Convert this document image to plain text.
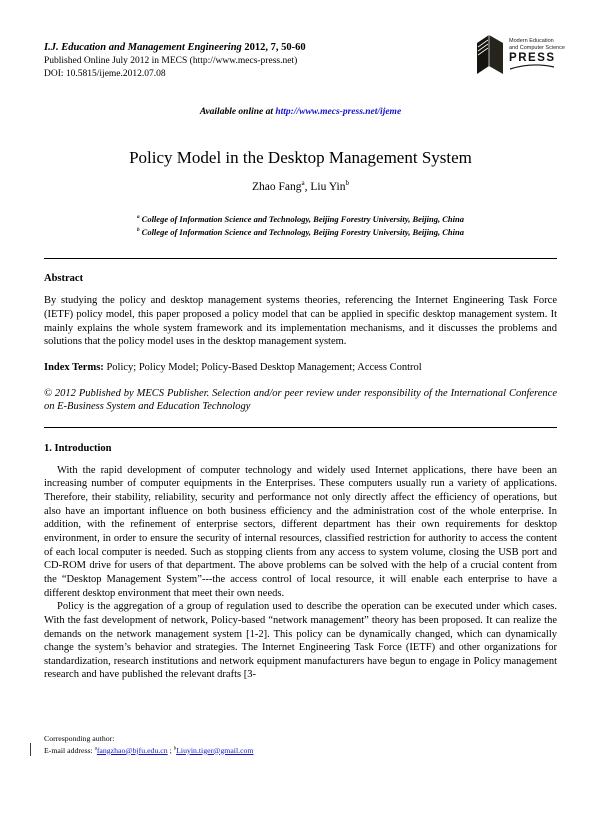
I.J. Education and Management Engineering 2012, 7, 50-60
Published Online July 2012 in MECS (http://www.mecs-press.net)
DOI: 10.5815/ijeme.2012.07.08
Modern Education
and Computer Science
PRESS
Available online at http://www.mecs-press.net/ijeme
Policy Model in the Desktop Management System
Zhao Fang$^a$, Liu Yin$^b$
$^a$ College of Information Science and Technology, Beijing Forestry University, Beijing, China
$^b$ College of Information Science and Technology, Beijing Forestry University, Beijing, China
Abstract

By studying the policy and desktop management systems theories, referencing the Internet Engineering Task Force (IETF) policy model, this paper proposed a policy model that can be applied in specific desktop management system. It mainly explains the whole system framework and its implementation mechanisms, and it discusses the problems and solutions that the policy model uses in the desktop management system.

Index Terms: Policy; Policy Model; Policy-Based Desktop Management; Access Control

© 2012 Published by MECS Publisher. Selection and/or peer review under responsibility of the International Conference on E-Business System and Education Technology

1. Introduction

With the rapid development of computer technology and widely used Internet applications, there have been an increasing number of computer equipments in the Enterprises. These computers usually run a variety of applications. Therefore, their stability, reliability, security and performance not only directly affect the efficiency of operations, but also have an important influence on both business efficiency and the administration cost of the whole enterprise. In addition, with the refinement of enterprise sectors, different department has their own requirements for desktop environment, in order to ensure the security of internal resources, classified restriction for authority to access the content of each local computer is needed. Such as stopping clients from any access to system volume, closing the USB port and CD-ROM drive for users of that department. The above problems can be solved with the help of a crucial content from the “Desktop Management System”---the access control of local resource, it will enable each enterprise to have a different desktop environment that meet their own needs.

Policy is the aggregation of a group of regulation used to describe the operation can be executed under which cases. With the fast development of network, Policy-based “network management” theory has been proposed. It can realize the demands on the network management system [1-2]. This policy can be dynamically changed, which can dynamically change the system’s behavior and strategies. The Internet Engineering Task Force (IETF) and other organizations for standardization, research institutions and network equipment manufacturers have begun to engage in Policy management research and have published the relevant drafts [3-

Corresponding author:
E-mail address: $^a$fangzhao@bjfu.edu.cn ; $^b$Liuyin.tiger@gmail.com
